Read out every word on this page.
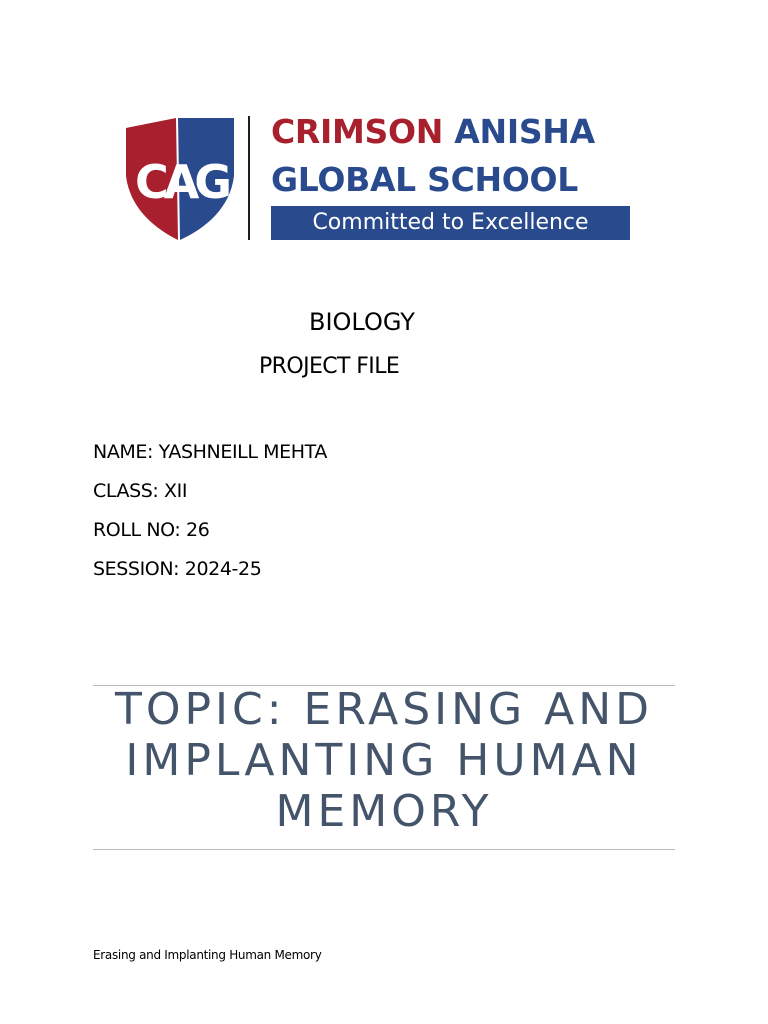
CAG
CRIMSON ANISHA
GLOBAL SCHOOL
Committed to Excellence
BIOLOGY
PROJECT FILE
NAME: YASHNEILL MEHTA
CLASS: XII
ROLL NO: 26
SESSION: 2024-25
TOPIC: ERASING AND IMPLANTING HUMAN MEMORY
Erasing and Implanting Human Memory
